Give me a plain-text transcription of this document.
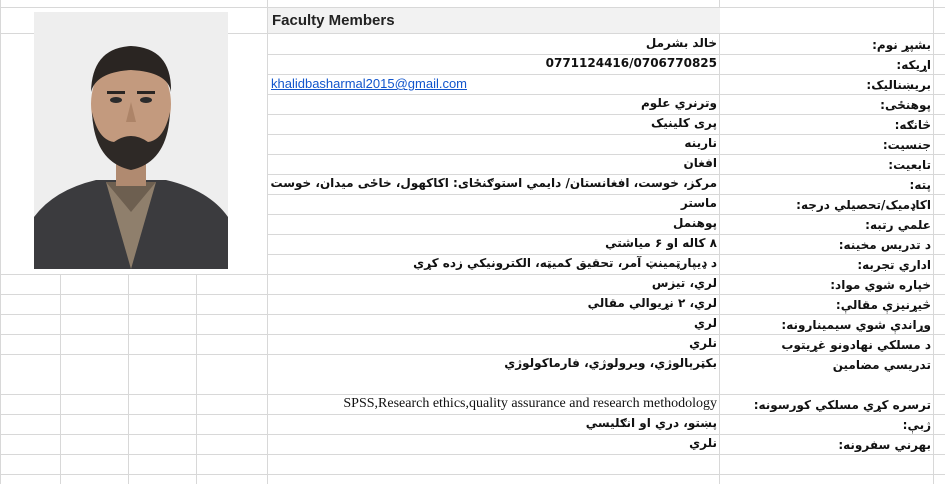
Faculty Members
خالد بشرمل	بشپړ نوم:
0771124416/0706770825	اړیکه:
khalidbasharmal2015@gmail.com	بریښنالیک:
وترنري علوم	پوهنځی:
پری کلینیک	څانګه:
نارینه	جنسیت:
افغان	تابعیت:
مرکز، خوست، افغانستان/ دایمي استوګنځای: اکاکهول، خاځی میدان، خوست	پته:
ماستر	اکاډمیک/تحصیلي درجه:
پوهنمل	علمي رتبه:
۸ کاله او ۶ میاشتې	د تدریس مخینه:
د ډیپارټمینټ آمر، تحقیق کمیټه، الکترونیکي زده کړې	اداري تجربه:
لري، تیزس	خپاره شوي مواد:
لري، ۲ نړیوالې مقالې	څیړنیزې مقالې:
لري	وړاندې شوي سیمینارونه:
نلري	د مسلکي نهادونو غړیتوب
بکټرېالوژي، ویرولوژي، فارماکولوژي	تدریسي مضامین
SPSS,Research ethics,quality assurance and research methodology	ترسره کړي مسلکي کورسونه:
پښتو، دري او انګلیسي	ژبې:
نلري	بهرني سفرونه:
